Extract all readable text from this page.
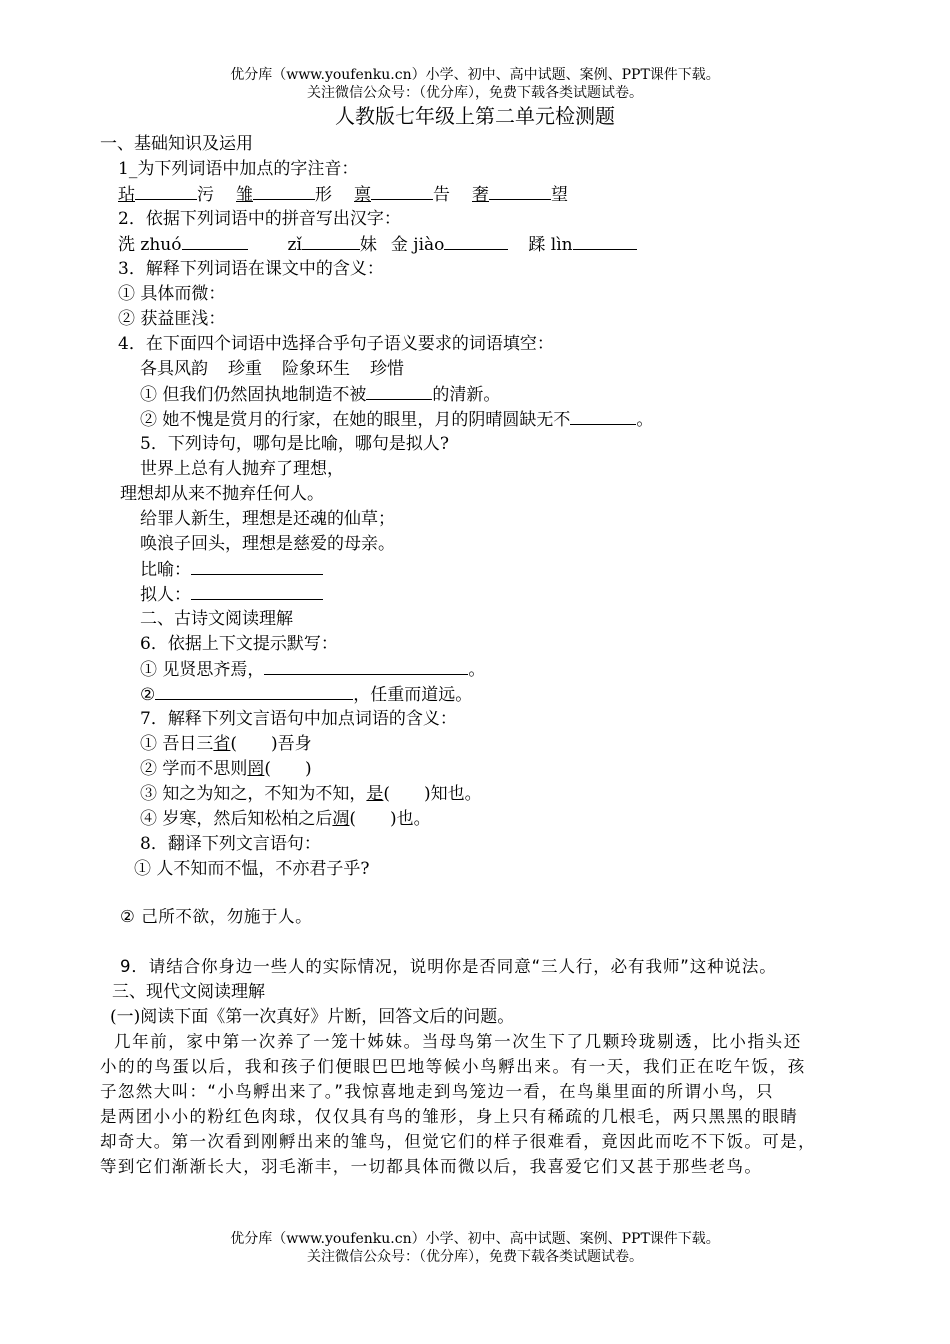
优分库（www.youfenku.cn）小学、初中、高中试题、案例、PPT课件下载。
关注微信公众号：（优分库），免费下载各类试题试卷。
人教版七年级上第二单元检测题
一、基础知识及运用
1_为下列词语中加点的字注音：
玷	污 雏	形 禀	告 奢	望
2．依据下列词语中的拼音写出汉字：
洗 zhuó	zǐ	妹 金 jiào	蹂 lìn
3．解释下列词语在课文中的含义：
① 具体而微：
② 获益匪浅：
4．在下面四个词语中选择合乎句子语义要求的词语填空：
各具风韵 珍重 险象环生 珍惜
① 但我们仍然固执地制造不被	的清新。
② 她不愧是赏月的行家，在她的眼里，月的阴晴圆缺无不	。
5．下列诗句，哪句是比喻，哪句是拟人?
世界上总有人抛弃了理想，
理想却从来不抛弃任何人。
给罪人新生，理想是还魂的仙草；
唤浪子回头，理想是慈爱的母亲。
比喻：
拟人：
二、古诗文阅读理解
6．依据上下文提示默写：
① 见贤思齐焉，	。
②	，任重而道远。
7．解释下列文言语句中加点词语的含义：
① 吾日三省(　　)吾身
② 学而不思则罔(　　)
③ 知之为知之，不知为不知，是(　　)知也。
④ 岁寒，然后知松柏之后凋(　　)也。
8．翻译下列文言语句：
① 人不知而不愠，不亦君子乎?
② 己所不欲，勿施于人。
9．请结合你身边一些人的实际情况，说明你是否同意“三人行，必有我师”这种说法。
三、现代文阅读理解
(一)阅读下面《第一次真好》片断，回答文后的问题。
几年前，家中第一次养了一笼十姊妹。当母鸟第一次生下了几颗玲珑剔透，比小指头还
小的的鸟蛋以后，我和孩子们便眼巴巴地等候小鸟孵出来。有一天，我们正在吃午饭，孩
子忽然大叫：“小鸟孵出来了。”我惊喜地走到鸟笼边一看，在鸟巢里面的所谓小鸟，只
是两团小小的粉红色肉球，仅仅具有鸟的雏形，身上只有稀疏的几根毛，两只黑黑的眼睛
却奇大。第一次看到刚孵出来的雏鸟，但觉它们的样子很难看，竟因此而吃不下饭。可是，
等到它们渐渐长大，羽毛渐丰，一切都具体而微以后，我喜爱它们又甚于那些老鸟。
优分库（www.youfenku.cn）小学、初中、高中试题、案例、PPT课件下载。
关注微信公众号：（优分库），免费下载各类试题试卷。
